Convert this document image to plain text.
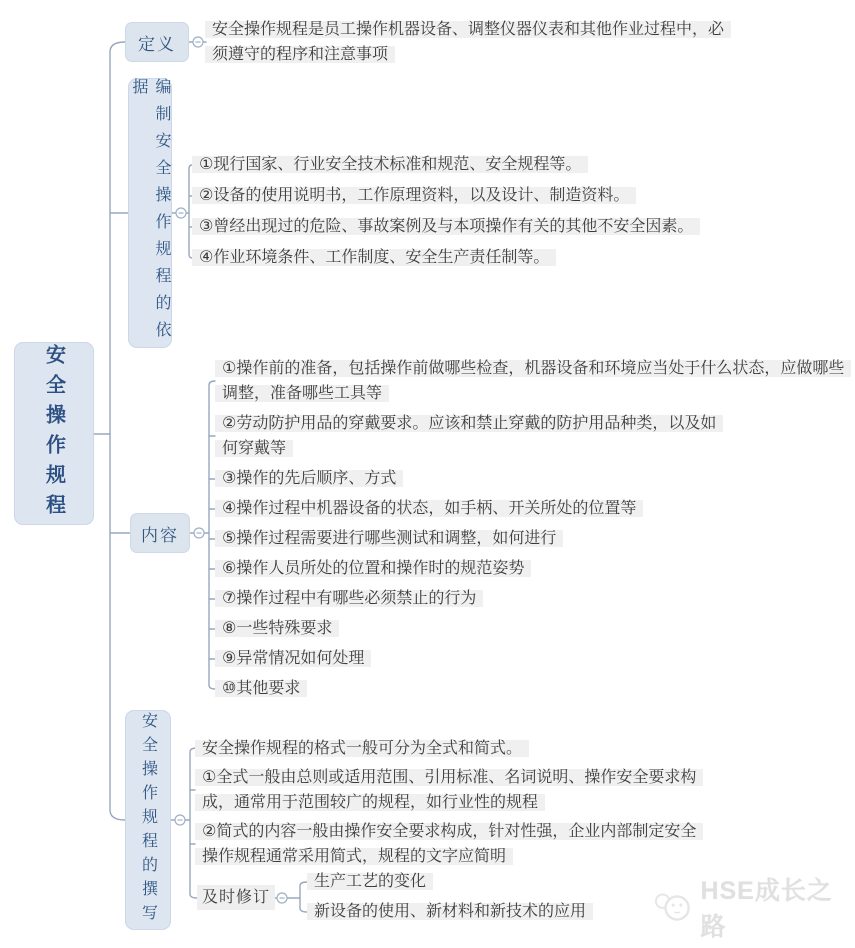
安全操作规程
定义
安全操作规程是员工操作机器设备、调整仪器仪表和其他作业过程中，必须遵守的程序和注意事项
编制安全操作规程的依据
①现行国家、行业安全技术标准和规范、安全规程等。
②设备的使用说明书，工作原理资料，以及设计、制造资料。
③曾经出现过的危险、事故案例及与本项操作有关的其他不安全因素。
④作业环境条件、工作制度、安全生产责任制等。
内容
①操作前的准备，包括操作前做哪些检查，机器设备和环境应当处于什么状态，应做哪些调整，准备哪些工具等
②劳动防护用品的穿戴要求。应该和禁止穿戴的防护用品种类，以及如何穿戴等
③操作的先后顺序、方式
④操作过程中机器设备的状态，如手柄、开关所处的位置等
⑤操作过程需要进行哪些测试和调整，如何进行
⑥操作人员所处的位置和操作时的规范姿势
⑦操作过程中有哪些必须禁止的行为
⑧一些特殊要求
⑨异常情况如何处理
⑩其他要求
安全操作规程的撰写	安全操作规程的格式一般可分为全式和简式。
①全式一般由总则或适用范围、引用标准、名词说明、操作安全要求构成，通常用于范围较广的规程，如行业性的规程
②简式的内容一般由操作安全要求构成，针对性强，企业内部制定安全操作规程通常采用简式，规程的文字应简明
及时修订
生产工艺的变化
新设备的使用、新材料和新技术的应用
HSE成长之路
